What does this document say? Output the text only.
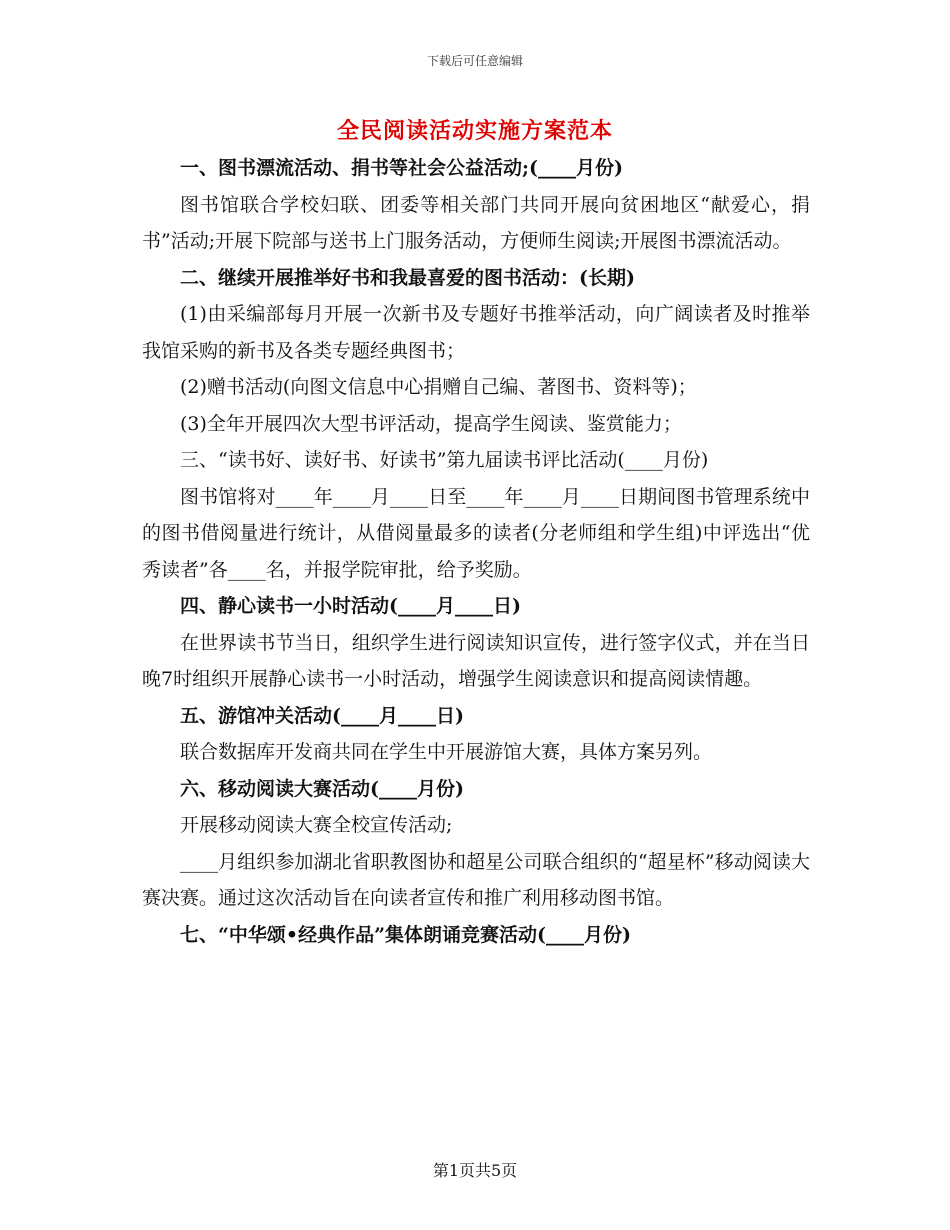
下载后可任意编辑
全民阅读活动实施方案范本

一、图书漂流活动、捐书等社会公益活动;(____月份)

图书馆联合学校妇联、团委等相关部门共同开展向贫困地区“献爱心，捐书”活动;开展下院部与送书上门服务活动，方便师生阅读;开展图书漂流活动。

二、继续开展推举好书和我最喜爱的图书活动：(长期)

(1)由采编部每月开展一次新书及专题好书推举活动，向广阔读者及时推举我馆采购的新书及各类专题经典图书；

(2)赠书活动(向图文信息中心捐赠自己编、著图书、资料等)；

(3)全年开展四次大型书评活动，提高学生阅读、鉴赏能力；

三、“读书好、读好书、好读书”第九届读书评比活动(____月份)

图书馆将对____年____月____日至____年____月____日期间图书管理系统中的图书借阅量进行统计，从借阅量最多的读者(分老师组和学生组)中评选出“优秀读者”各____名，并报学院审批，给予奖励。

四、静心读书一小时活动(____月____日)

在世界读书节当日，组织学生进行阅读知识宣传，进行签字仪式，并在当日晚7时组织开展静心读书一小时活动，增强学生阅读意识和提高阅读情趣。

五、游馆冲关活动(____月____日)

联合数据库开发商共同在学生中开展游馆大赛，具体方案另列。

六、移动阅读大赛活动(____月份)

开展移动阅读大赛全校宣传活动;

____月组织参加湖北省职教图协和超星公司联合组织的“超星杯”移动阅读大赛决赛。通过这次活动旨在向读者宣传和推广利用移动图书馆。

七、“中华颂•经典作品”集体朗诵竞赛活动(____月份)

第1页共5页
